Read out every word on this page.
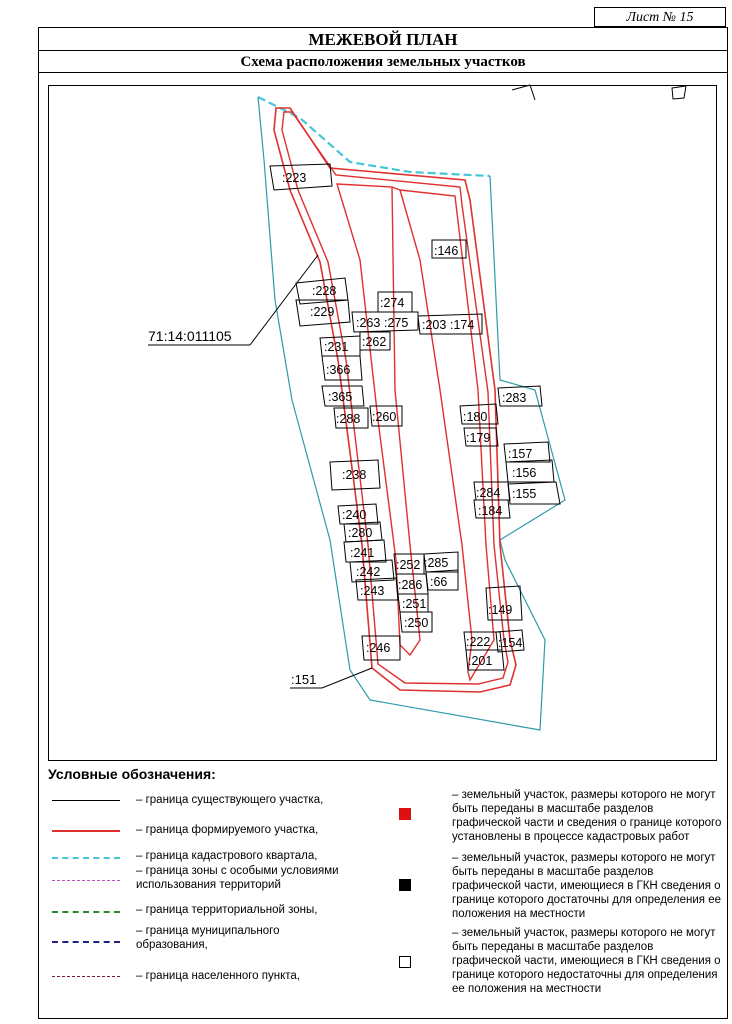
Лист № 15
МЕЖЕВОЙ ПЛАН
Схема расположения земельных участков
71:14:011105
:151
:223
:146
:228
:229
:274
:263 :275
:262
:203 :174
:231
:366
:365
:288 :260	:180
:179
:283
:157
:156
:238
:284 :155
:184
:240
:280
:241
:242
:243
:252 :285
:286 :66
:251
:250
:149
:246	:222 :154
:201
Условные обозначения:
– граница существующего участка,
– граница формируемого участка,
– граница кадастрового квартала,
– граница зоны с особыми условиями использования территорий
– граница территориальной зоны,
– граница муниципального образования,
– граница населенного пункта,
– земельный участок, размеры которого не могут быть переданы в масштабе разделов графической части и сведения о границе которого установлены в процессе кадастровых работ
– земельный участок, размеры которого не могут быть переданы в масштабе разделов графической части, имеющиеся в ГКН сведения о границе которого достаточны для определения ее положения на местности
– земельный участок, размеры которого не могут быть переданы в масштабе разделов графической части, имеющиеся в ГКН сведения о границе которого недостаточны для определения ее положения на местности
